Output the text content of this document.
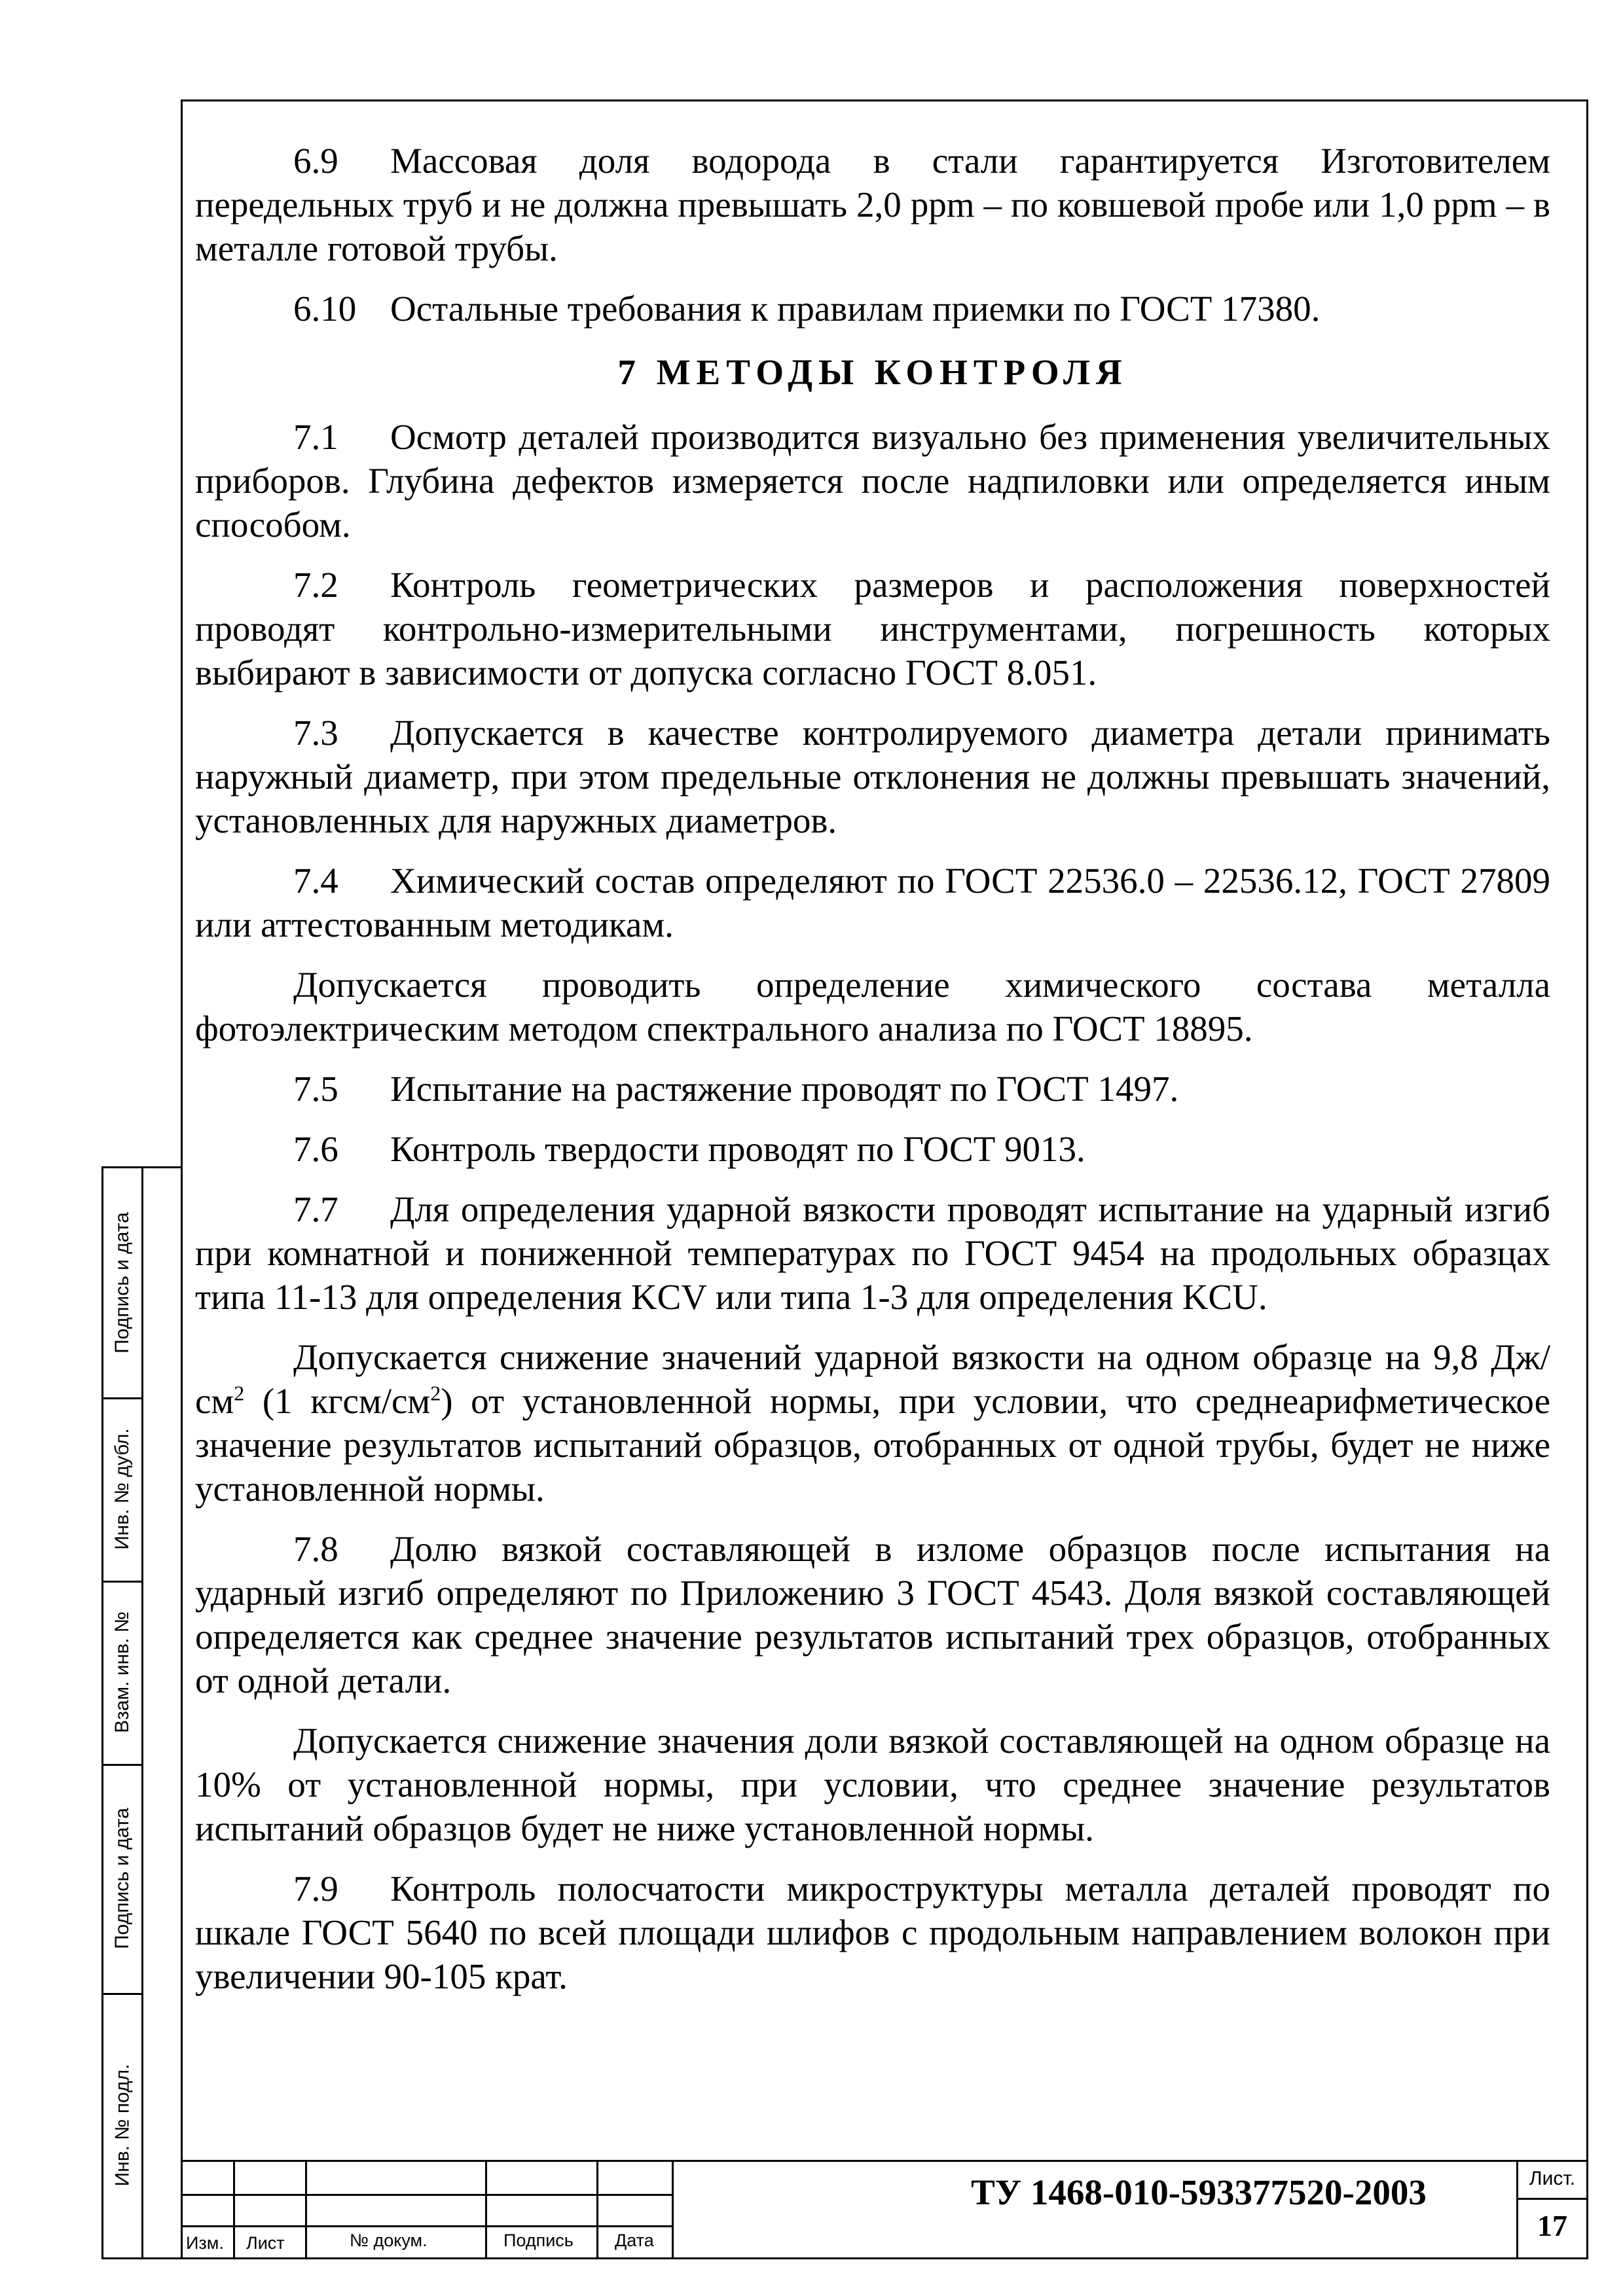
6.9 Массовая доля водорода в стали гарантируется Изготовителем передельных труб и не должна превышать 2,0 ppm – по ковшевой пробе или 1,0 ppm – в металле готовой трубы.

6.10 Остальные требования к правилам приемки по ГОСТ 17380.

7 МЕТОДЫ КОНТРОЛЯ

7.1 Осмотр деталей производится визуально без применения увеличительных приборов. Глубина дефектов измеряется после надпиловки или определяется иным способом.

7.2 Контроль геометрических размеров и расположения поверхностей проводят контрольно-измерительными инструментами, погрешность которых выбирают в зависимости от допуска согласно ГОСТ 8.051.

7.3 Допускается в качестве контролируемого диаметра детали принимать наружный диаметр, при этом предельные отклонения не должны превышать значений, установленных для наружных диаметров.

7.4 Химический состав определяют по ГОСТ 22536.0 – 22536.12, ГОСТ 27809 или аттестованным методикам.

Допускается проводить определение химического состава металла фотоэлектрическим методом спектрального анализа по ГОСТ 18895.

7.5 Испытание на растяжение проводят по ГОСТ 1497.

7.6 Контроль твердости проводят по ГОСТ 9013.

7.7 Для определения ударной вязкости проводят испытание на ударный изгиб при комнатной и пониженной температурах по ГОСТ 9454 на продольных образцах типа 11-13 для определения KCV или типа 1-3 для определения KCU.

Допускается снижение значений ударной вязкости на одном образце на 9,8 $Дж/см^2$ (1 кгсм/$см^2$) от установленной нормы, при условии, что среднеарифметическое значение результатов испытаний образцов, отобранных от одной трубы, будет не ниже установленной нормы.

7.8 Долю вязкой составляющей в изломе образцов после испытания на ударный изгиб определяют по Приложению 3 ГОСТ 4543. Доля вязкой составляющей определяется как среднее значение результатов испытаний трех образцов, отобранных от одной детали.

Допускается снижение значения доли вязкой составляющей на одном образце на 10% от установленной нормы, при условии, что среднее значение результатов испытаний образцов будет не ниже установленной нормы.

7.9 Контроль полосчатости микроструктуры металла деталей проводят по шкале ГОСТ 5640 по всей площади шлифов с продольным направлением волокон при увеличении 90-105 крат.

Подпись и дата
Инв. № дубл.
Взам. инв. №
Подпись и дата
Инв. № подл.
Изм. Лист	№ докум.	Подпись Дата
ТУ 1468-010-593377520-2003	Лист.
17
